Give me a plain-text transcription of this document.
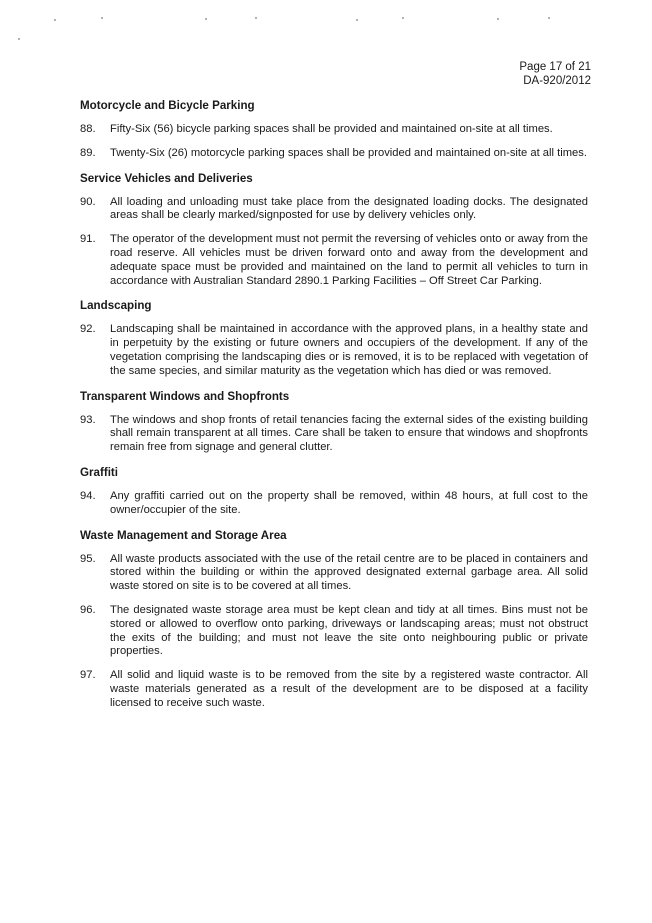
Page 17 of 21
DA-920/2012
Motorcycle and Bicycle Parking
88.	Fifty-Six (56) bicycle parking spaces shall be provided and maintained on-site at all times.
89.	Twenty-Six (26) motorcycle parking spaces shall be provided and maintained on-site at all times.
Service Vehicles and Deliveries
90.	All loading and unloading must take place from the designated loading docks. The designated areas shall be clearly marked/signposted for use by delivery vehicles only.
91.	The operator of the development must not permit the reversing of vehicles onto or away from the road reserve. All vehicles must be driven forward onto and away from the development and adequate space must be provided and maintained on the land to permit all vehicles to turn in accordance with Australian Standard 2890.1 Parking Facilities – Off Street Car Parking.
Landscaping
92.	Landscaping shall be maintained in accordance with the approved plans, in a healthy state and in perpetuity by the existing or future owners and occupiers of the development. If any of the vegetation comprising the landscaping dies or is removed, it is to be replaced with vegetation of the same species, and similar maturity as the vegetation which has died or was removed.
Transparent Windows and Shopfronts
93.	The windows and shop fronts of retail tenancies facing the external sides of the existing building shall remain transparent at all times. Care shall be taken to ensure that windows and shopfronts remain free from signage and general clutter.
Graffiti
94.	Any graffiti carried out on the property shall be removed, within 48 hours, at full cost to the owner/occupier of the site.
Waste Management and Storage Area
95.	All waste products associated with the use of the retail centre are to be placed in containers and stored within the building or within the approved designated external garbage area. All solid waste stored on site is to be covered at all times.
96.	The designated waste storage area must be kept clean and tidy at all times. Bins must not be stored or allowed to overflow onto parking, driveways or landscaping areas; must not obstruct the exits of the building; and must not leave the site onto neighbouring public or private properties.
97.	All solid and liquid waste is to be removed from the site by a registered waste contractor. All waste materials generated as a result of the development are to be disposed at a facility licensed to receive such waste.
